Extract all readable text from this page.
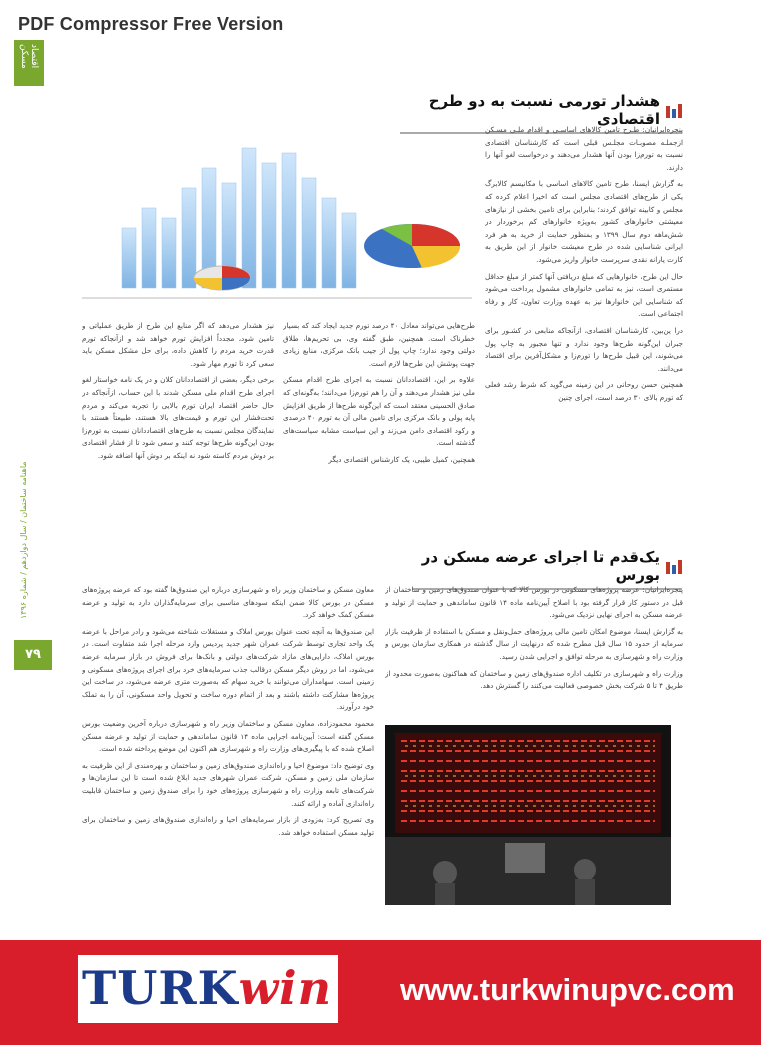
PDF Compressor Free Version
اقتصاد مسکن
ماهنامه ساختمان / سال دوازدهم / شماره ۱۳۹۶
۷۹
هشدار تورمی نسبت به دو طرح اقتصادی

پنجره‌ایرانیان: طـرح تامین کالاهای اساسـی و اقدام ملـی مسـکن ازجملـه مصوبـات مجلـس قبلی است که کارشناسان اقتصادی نسبت به تورم‌زا بودن آنها هشدار می‌دهند و درخواست لغو آنها را دارند.

به گزارش ایسنا، طرح تامین کالاهای اساسی با مکانیسم کالابرگ یکی از طرح‌های اقتصادی مجلس است که اخیرا اعلام کرده که مجلس و کابینه توافق کردند؛ بنابراین برای تامین بخشی از نیازهای معیشتی خانوارهای کشور به‌ویژه خانوارهای کم برخوردار در شش‌ماهه دوم سال ۱۳۹۹ و بمنظور حمایت از خرید به هر فرد ایرانی شناسایی شده در طرح معیشت خانوار از این طریق به کارت یارانه نقدی سرپرست خانوار واریز می‌شود.

حال این طرح، خانوارهایی که مبلغ دریافتی آنها کمتر از مبلغ حداقل مستمری است، نیز به تمامی خانوارهای مشمول پرداخت می‌شود که شناسایی این خانوارها نیز به عهده وزارت تعاون، کار و رفاه اجتماعی است.

درا ین‌بین، کارشناسان اقتصادی، ازآنجاکه منابعی در کشـور برای جبران این‌گونه طرح‌ها وجود ندارد و تنها مجبور به چاپ پول می‌شوند، این قبیل طرح‌ها را تورم‌زا و مشکل‌آفرین برای اقتصاد می‌دانند.

همچنین حسن روحانی در این زمینه می‌گوید که شرط رشد فعلی که تورم بالای ۳۰ درصد است، اجرای چنین

طرح‌هایی می‌تواند معادل ۴۰ درصد تورم جدید ایجاد کند که بسیار خطرناک است. همچنین، طبق گفته وی، بی تحریم‌ها، طلاق دولتی وجود ندارد؛ چاپ پول از جیب بانک مرکزی، منابع زیادی جهت پوشش این طرح‌ها لازم است.

علاوه بر این، اقتصاددانان نسبت به اجرای طرح اقدام مسکن ملی نیز هشدار می‌دهند و آن را هم تورم‌زا می‌دانند؛ به‌گونه‌ای که صادق الحسینی معتقد است که این‌گونه طرح‌ها از طریق افزایش پایه پولی و بانک مرکزی برای تامین مالی آن به تورم ۴۰ درصدی و رکود اقتصادی دامن می‌زند و این سیاست مشابه سیاست‌های گذشته است.

همچنین، کمیل طیبی، یک کارشناس اقتصادی دیگر

نیز هشدار می‌دهد که اگر منابع این طرح از طریق عملیاتی و تامین شود، مجدداً افزایش تورم خواهد شد و ازآنجاکه تورم قدرت خرید مردم را کاهش داده، برای حل مشکل مسکن باید سعی کرد تا تورم مهار شود.

برخی دیگر، بعضی از اقتصاددانان کلان و در یک نامه خواستار لغو اجرای طرح اقدام ملی مسکن شدند با این حساب، ازآنجاکه در حال حاضر اقتصاد ایران تورم بالایی را تجربه می‌کند و مردم تحت‌فشار این تورم و قیمت‌های بالا هستند، طبیعتاً هستند با نمایندگان مجلس نسبت به طرح‌های اقتصاددانان نسبت به تورم‌زا بودن این‌گونه طرح‌ها توجه کنند و سعی شود تا از فشار اقتصادی بر دوش مردم کاسته شود نه اینکه بر دوش آنها اضافه شود.

یک‌قدم تا اجرای عرضه مسکن در بورس

پنجره‌ایرانیان: عرضه پروژه‌های مسکونی در بورس کالا که با عنوان صندوق‌های زمین و ساختمان از قبل در دستور کار قرار گرفته بود با اصلاح آیین‌نامه ماده ۱۴ قانون ساماندهی و حمایت از تولید و عرضه مسکن به اجرای نهایی نزدیک می‌شود.

به گزارش ایسنا، موضوع امکان تامین مالی پروژه‌های حمل‌ونقل و مسکن با استفاده از ظرفیت بازار سرمایه از حدود ۱۵ سال قبل مطرح شده که درنهایت از سال گذشته در همکاری سازمان بورس و وزارت راه و شهرسازی به مرحله توافق و اجرایی شدن رسید.

وزارت راه و شهرسازی در تکلیف اداره صندوق‌های زمین و ساختمان که هماکنون به‌صورت محدود از طریق ۴ تا ۵ شرکت بخش خصوصی فعالیت می‌کنند را گسترش دهد.

معاون مسکن و ساختمان وزیر راه و شهرسازی درباره این صندوق‌ها گفته بود که عرضه پروژه‌های مسکن در بورس کالا ضمن اینکه سودهای مناسبی برای سرمایه‌گذاران دارد به تولید و عرضه مسکن کمک خواهد کرد.

این صندوق‌ها به آنچه تحت عنوان بورس املاک و مستغلات شناخته می‌شود و رادر مراحل با عرضه یک واحد تجاری توسط شرکت عمران شهر جدید پردیس وارد مرحله اجرا شد متفاوت است. در بورس املاک، دارایی‌های مازاد شرکت‌های دولتی و بانک‌ها برای فروش در بازار سرمایه عرضه می‌شود، اما در روش دیگر مسکن درقالب جذب سرمایه‌های خرد برای اجرای پروژه‌های مسکونی و زمینی است. سهامداران می‌توانند با خرید سهام که به‌صورت متری عرضه می‌شود، در ساخت این پروژه‌ها مشارکت داشته باشند و بعد از اتمام دوره ساخت و تحویل واحد مسکونی، آن را به تملک خود درآورند.

محمود محمودزاده، معاون مسکن و ساختمان وزیر راه و شهرسازی درباره آخرین وضعیت بورس مسکن گفته است: آیین‌نامه اجرایی ماده ۱۴ قانون ساماندهی و حمایت از تولید و عرضه مسکن اصلاح شده که با پیگیری‌های وزارت راه و شهرسازی هم اکنون این موضع پرداخته شده است.

وی توضیح داد: موضوع احیا و راه‌اندازی صندوق‌های زمین و ساختمان و بهره‌مندی از این ظرفیت به سازمان ملی زمین و مسکن، شرکت عمران شهرهای جدید ابلاغ شده است تا این سازمان‌ها و شرکت‌های تابعه وزارت راه و شهرسازی پروژه‌های خود را برای صندوق زمین و ساختمان قابلیت راه‌اندازی آماده و ارائه کنند.

وی تصریح کرد: به‌زودی از بازار سرمایه‌های احیا و راه‌اندازی صندوق‌های زمین و ساختمان برای تولید مسکن استفاده خواهد شد.

TURKwin www.turkwinupvc.com
